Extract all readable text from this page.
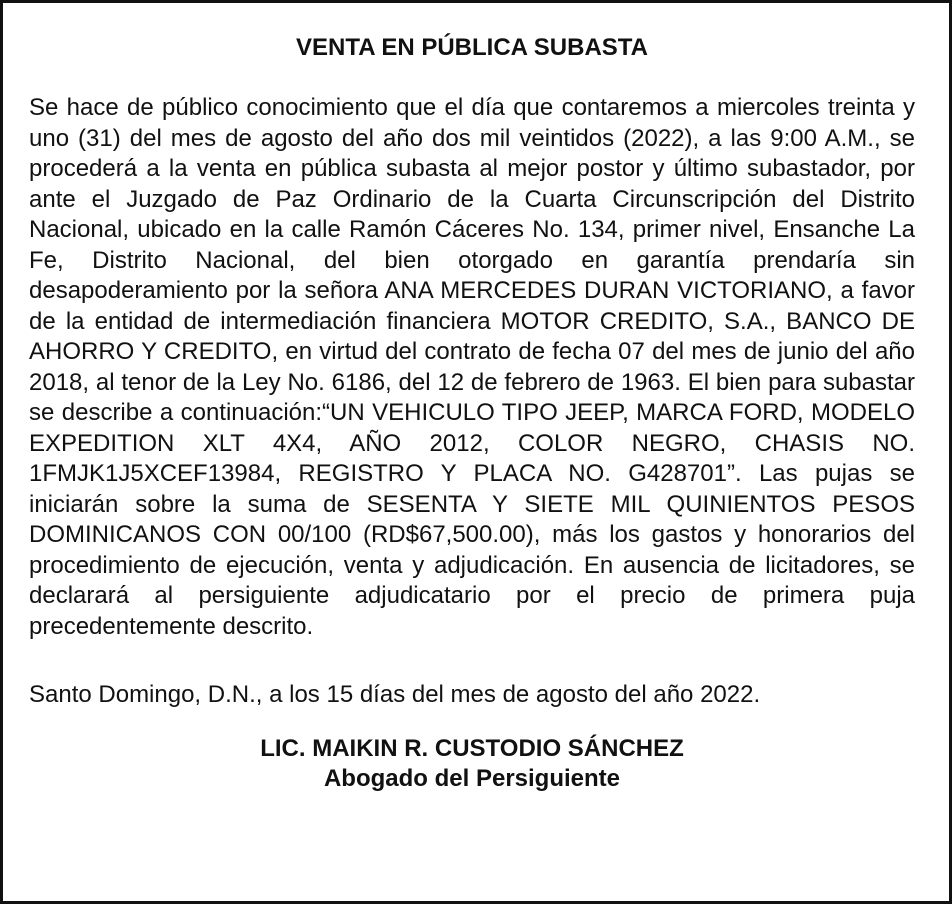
VENTA EN PÚBLICA SUBASTA

Se hace de público conocimiento que el día que contaremos a miercoles treinta y uno (31) del mes de agosto del año dos mil veintidos (2022), a las 9:00 A.M., se procederá a la venta en pública subasta al mejor postor y último subastador, por ante el Juzgado de Paz Ordinario de la Cuarta Circunscripción del Distrito Nacional, ubicado en la calle Ramón Cáceres No. 134, primer nivel, Ensanche La Fe, Distrito Nacional, del bien otorgado en garantía prendaría sin desapoderamiento por la señora ANA MERCEDES DURAN VICTORIANO, a favor de la entidad de intermediación financiera MOTOR CREDITO, S.A., BANCO DE AHORRO Y CREDITO, en virtud del contrato de fecha 07 del mes de junio del año 2018, al tenor de la Ley No. 6186, del 12 de febrero de 1963. El bien para subastar se describe a continuación:“UN VEHICULO TIPO JEEP, MARCA FORD, MODELO EXPEDITION XLT 4X4, AÑO 2012, COLOR NEGRO, CHASIS NO. 1FMJK1J5XCEF13984, REGISTRO Y PLACA NO. G428701”. Las pujas se iniciarán sobre la suma de SESENTA Y SIETE MIL QUINIENTOS PESOS DOMINICANOS CON 00/100 (RD$67,500.00), más los gastos y honorarios del procedimiento de ejecución, venta y adjudicación. En ausencia de licitadores, se declarará al persiguiente adjudicatario por el precio de primera puja precedentemente descrito.

Santo Domingo, D.N., a los 15 días del mes de agosto del año 2022.

LIC. MAIKIN R. CUSTODIO SÁNCHEZ
Abogado del Persiguiente
